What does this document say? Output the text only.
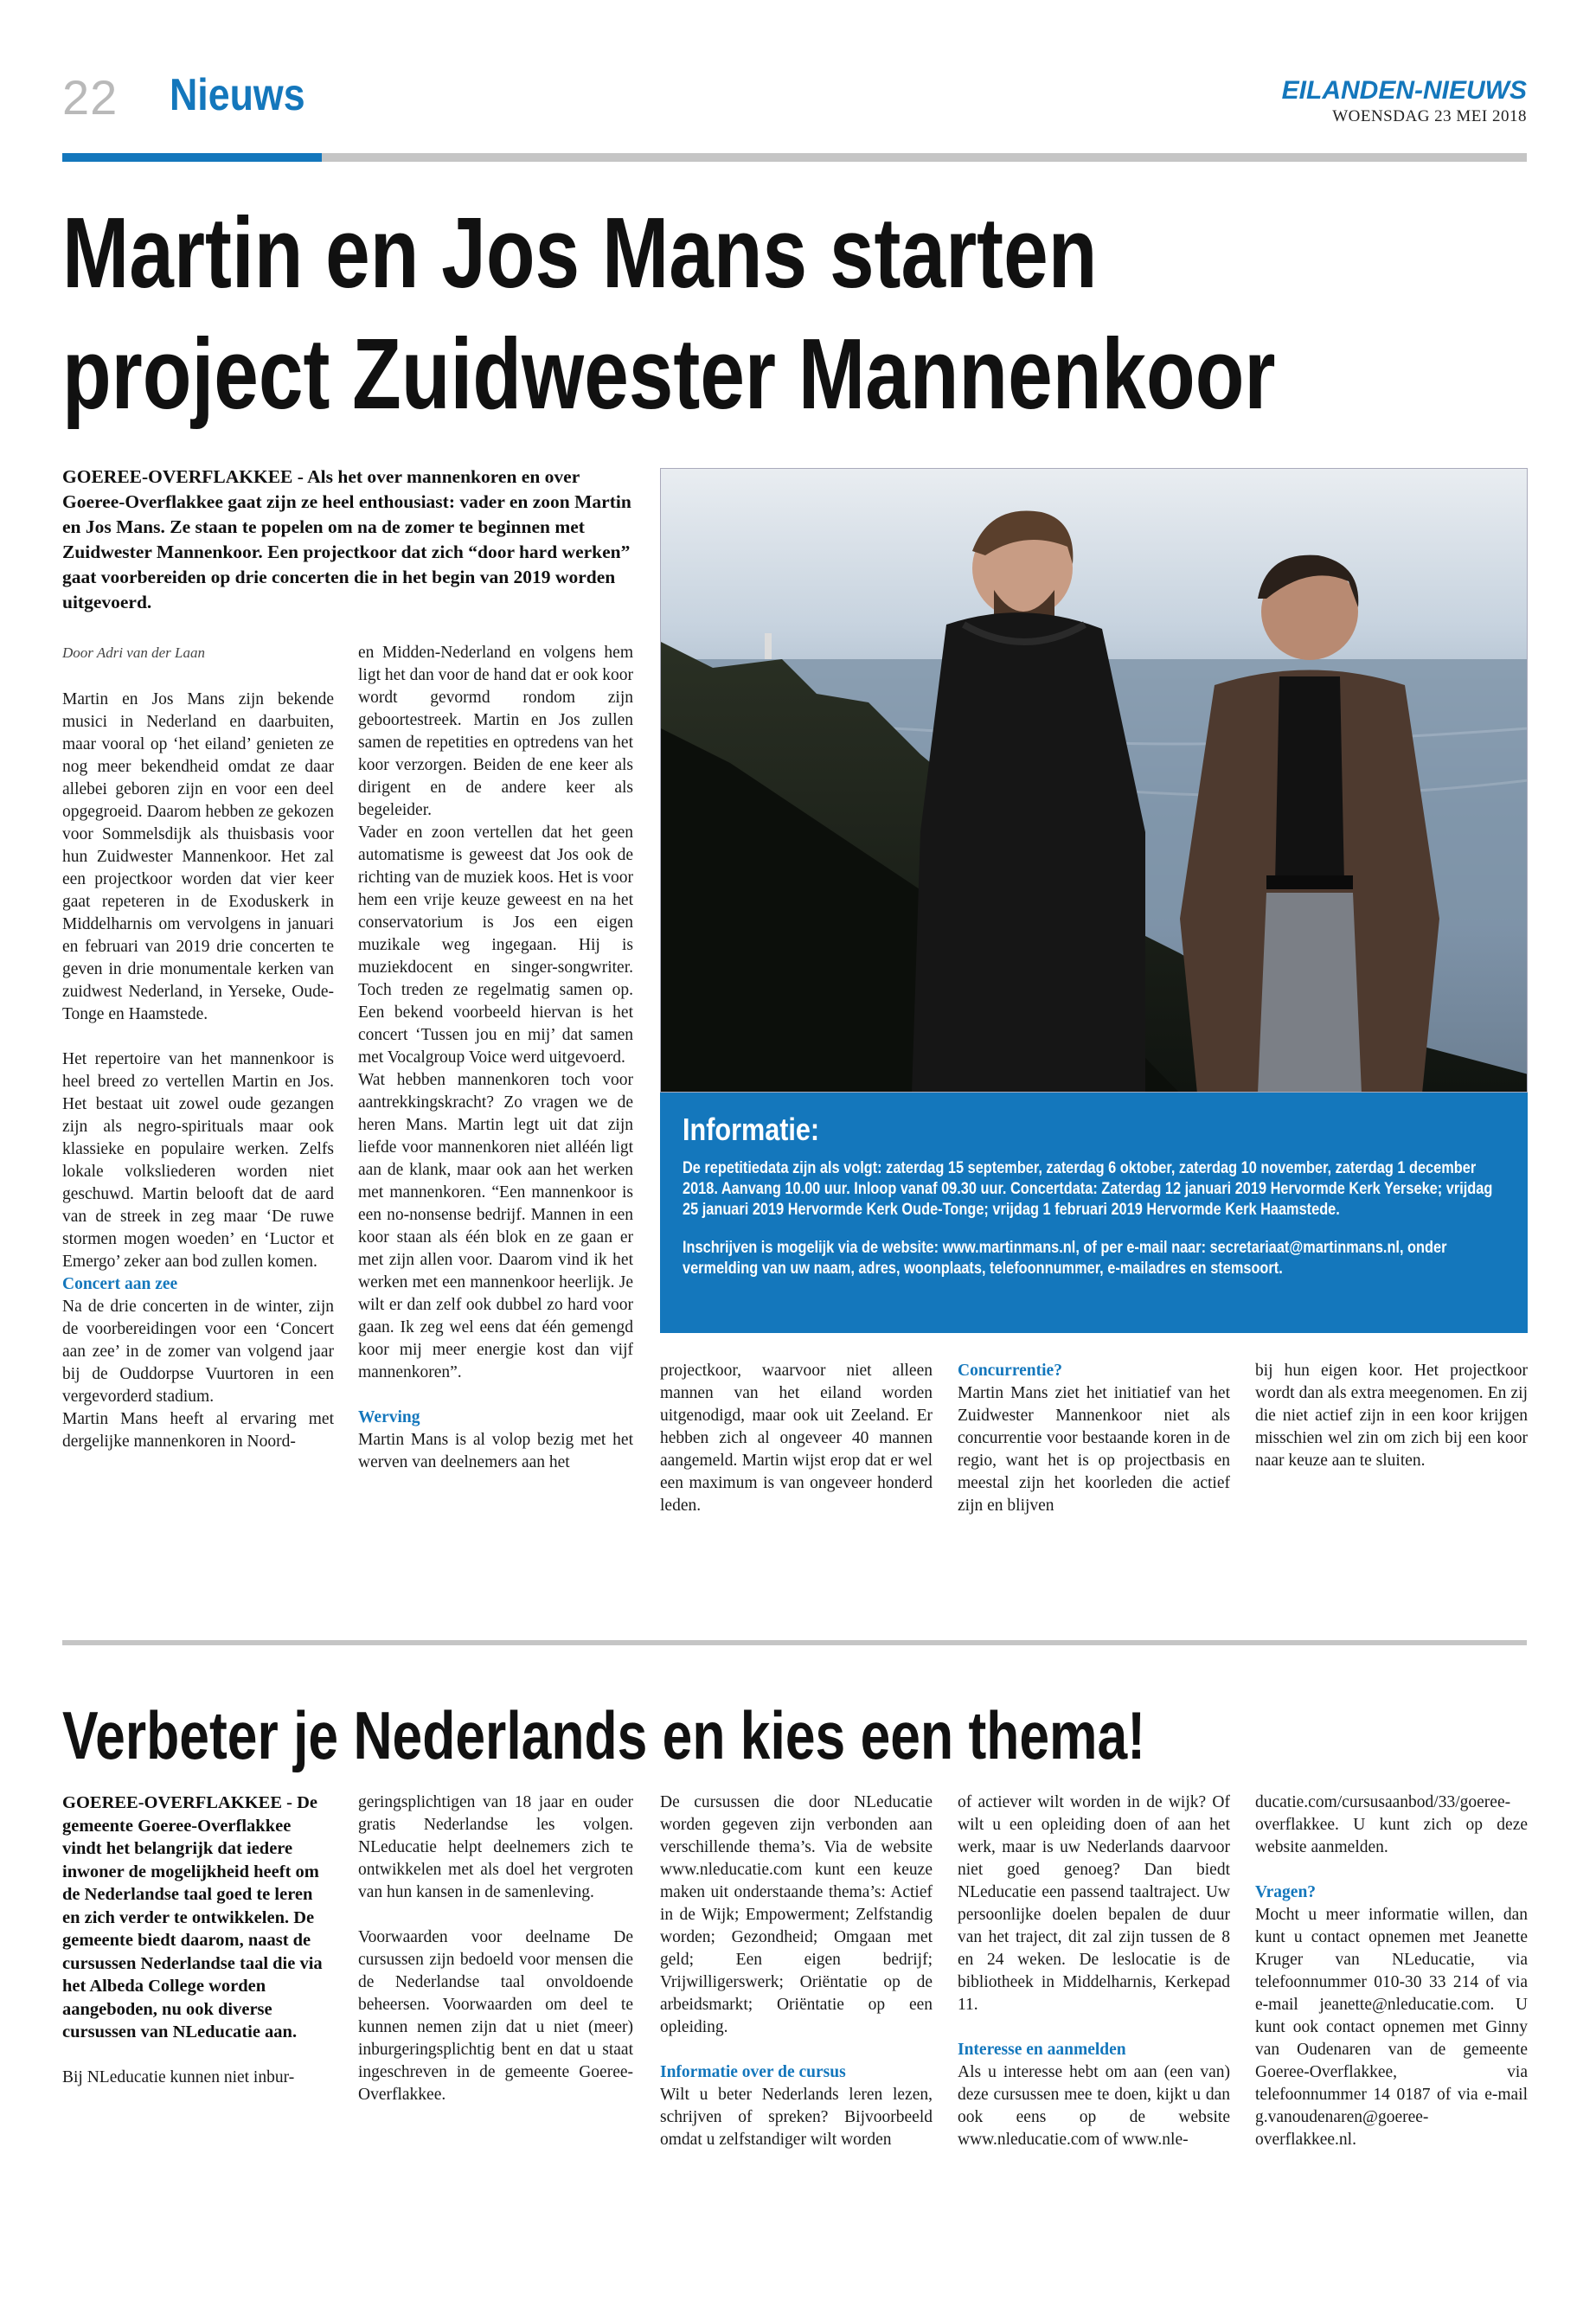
22 Nieuws	EILANDEN-NIEUWS
WOENSDAG 23 MEI 2018
Martin en Jos Mans starten
project Zuidwester Mannenkoor
GOEREE-OVERFLAKKEE - Als het over mannenkoren en over Goeree-Overflakkee gaat zijn ze heel enthousiast: vader en zoon Martin en Jos Mans. Ze staan te popelen om na de zomer te beginnen met Zuidwester Mannenkoor. Een projectkoor dat zich “door hard werken” gaat voorbereiden op drie concerten die in het begin van 2019 worden uitgevoerd.

Door Adri van der Laan

Martin en Jos Mans zijn bekende musici in Nederland en daarbuiten, maar vooral op ‘het eiland’ genieten ze nog meer bekendheid omdat ze daar allebei geboren zijn en voor een deel opgegroeid. Daarom hebben ze gekozen voor Sommelsdijk als thuisbasis voor hun Zuidwester Mannenkoor. Het zal een projectkoor worden dat vier keer gaat repeteren in de Exoduskerk in Middelharnis om vervolgens in januari en februari van 2019 drie concerten te geven in drie monumentale kerken van zuidwest Nederland, in Yerseke, Oude-Tonge en Haamstede.

Het repertoire van het mannenkoor is heel breed zo vertellen Martin en Jos. Het bestaat uit zowel oude gezangen zijn als negro-spirituals maar ook klassieke en populaire werken. Zelfs lokale volksliederen worden niet geschuwd. Martin belooft dat de aard van de streek in zeg maar ‘De ruwe stormen mogen woeden’ en ‘Luctor et Emergo’ zeker aan bod zullen komen.

Concert aan zee

Na de drie concerten in de winter, zijn de voorbereidingen voor een ‘Concert aan zee’ in de zomer van volgend jaar bij de Ouddorpse Vuurtoren in een vergevorderd stadium.

Martin Mans heeft al ervaring met dergelijke mannenkoren in Noord-

en Midden-Nederland en volgens hem ligt het dan voor de hand dat er ook koor wordt gevormd rondom zijn geboortestreek. Martin en Jos zullen samen de repetities en optredens van het koor verzorgen. Beiden de ene keer als dirigent en de andere keer als begeleider.

Vader en zoon vertellen dat het geen automatisme is geweest dat Jos ook de richting van de muziek koos. Het is voor hem een vrije keuze geweest en na het conservatorium is Jos een eigen muzikale weg ingegaan. Hij is muziekdocent en singer-songwriter. Toch treden ze regelmatig samen op. Een bekend voorbeeld hiervan is het concert ‘Tussen jou en mij’ dat samen met Vocalgroup Voice werd uitgevoerd.

Wat hebben mannenkoren toch voor aantrekkingskracht? Zo vragen we de heren Mans. Martin legt uit dat zijn liefde voor mannenkoren niet alléén ligt aan de klank, maar ook aan het werken met mannenkoren. “Een mannenkoor is een no-nonsense bedrijf. Mannen in een koor staan als één blok en ze gaan er met zijn allen voor. Daarom vind ik het werken met een mannenkoor heerlijk. Je wilt er dan zelf ook dubbel zo hard voor gaan. Ik zeg wel eens dat één gemengd koor mij meer energie kost dan vijf mannenkoren”.

Werving

Martin Mans is al volop bezig met het werven van deelnemers aan het

Informatie:

De repetitiedata zijn als volgt: zaterdag 15 september, zaterdag 6 oktober, zaterdag 10 november, zaterdag 1 december 2018. Aanvang 10.00 uur. Inloop vanaf 09.30 uur. Concertdata: Zaterdag 12 januari 2019 Hervormde Kerk Yerseke; vrijdag 25 januari 2019 Hervormde Kerk Oude-Tonge; vrijdag 1 februari 2019 Hervormde Kerk Haamstede.

Inschrijven is mogelijk via de website: www.martinmans.nl, of per e-mail naar: secretariaat@martinmans.nl, onder vermelding van uw naam, adres, woonplaats, telefoonnummer, e-mailadres en stemsoort.

projectkoor, waarvoor niet alleen mannen van het eiland worden uitgenodigd, maar ook uit Zeeland. Er hebben zich al ongeveer 40 mannen aangemeld. Martin wijst erop dat er wel een maximum is van ongeveer honderd leden.

Concurrentie?

Martin Mans ziet het initiatief van het Zuidwester Mannenkoor niet als concurrentie voor bestaande koren in de regio, want het is op projectbasis en meestal zijn het koorleden die actief zijn en blijven

bij hun eigen koor. Het projectkoor wordt dan als extra meegenomen. En zij die niet actief zijn in een koor krijgen misschien wel zin om zich bij een koor naar keuze aan te sluiten.

Verbeter je Nederlands en kies een thema!
GOEREE-OVERFLAKKEE - De gemeente Goeree-Overflakkee vindt het belangrijk dat iedere inwoner de mogelijkheid heeft om de Nederlandse taal goed te leren en zich verder te ontwikkelen. De gemeente biedt daarom, naast de cursussen Nederlandse taal die via het Albeda College worden aangeboden, nu ook diverse cursussen van NLeducatie aan.
Bij NLeducatie kunnen niet inbur-

geringsplichtigen van 18 jaar en ouder gratis Nederlandse les volgen. NLeducatie helpt deelnemers zich te ontwikkelen met als doel het vergroten van hun kansen in de samenleving.

Voorwaarden voor deelname De cursussen zijn bedoeld voor mensen die de Nederlandse taal onvoldoende beheersen. Voorwaarden om deel te kunnen nemen zijn dat u niet (meer) inburgeringsplichtig bent en dat u staat ingeschreven in de gemeente Goeree-Overflakkee.

De cursussen die door NLeducatie worden gegeven zijn verbonden aan verschillende thema’s. Via de website www.nleducatie.com kunt een keuze maken uit onderstaande thema’s: Actief in de Wijk; Empowerment; Zelfstandig worden; Gezondheid; Omgaan met geld; Een eigen bedrijf; Vrijwilligerswerk; Oriëntatie op de arbeidsmarkt; Oriëntatie op een opleiding.

Informatie over de cursus

Wilt u beter Nederlands leren lezen, schrijven of spreken? Bijvoorbeeld omdat u zelfstandiger wilt worden

of actiever wilt worden in de wijk? Of wilt u een opleiding doen of aan het werk, maar is uw Nederlands daarvoor niet goed genoeg? Dan biedt NLeducatie een passend taaltraject. Uw persoonlijke doelen bepalen de duur van het traject, dit zal zijn tussen de 8 en 24 weken. De leslocatie is de bibliotheek in Middelharnis, Kerkepad 11.

Interesse en aanmelden

Als u interesse hebt om aan (een van) deze cursussen mee te doen, kijkt u dan ook eens op de website www.nleducatie.com of www.nle-

ducatie.com/cursusaanbod/33/goeree-overflakkee. U kunt zich op deze website aanmelden.

Vragen?

Mocht u meer informatie willen, dan kunt u contact opnemen met Jeanette Kruger van NLeducatie, via telefoonnummer 010-30 33 214 of via e-mail jeanette@nleducatie.com. U kunt ook contact opnemen met Ginny van Oudenaren van de gemeente Goeree-Overflakkee, via telefoonnummer 14 0187 of via e-mail g.vanoudenaren@goeree-overflakkee.nl.
